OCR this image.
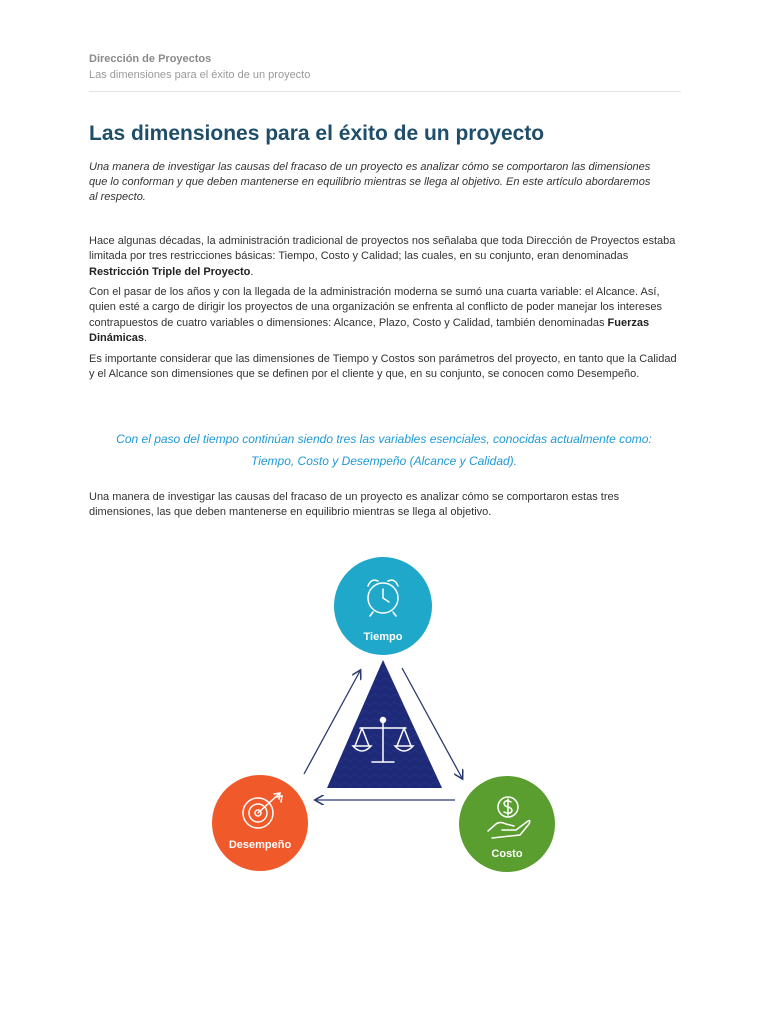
Dirección de Proyectos
Las dimensiones para el éxito de un proyecto
Las dimensiones para el éxito de un proyecto

Una manera de investigar las causas del fracaso de un proyecto es analizar cómo se comportaron las dimensiones que lo conforman y que deben mantenerse en equilibrio mientras se llega al objetivo. En este artículo abordaremos al respecto.

Hace algunas décadas, la administración tradicional de proyectos nos señalaba que toda Dirección de Proyectos estaba limitada por tres restricciones básicas: Tiempo, Costo y Calidad; las cuales, en su conjunto, eran denominadas Restricción Triple del Proyecto.

Con el pasar de los años y con la llegada de la administración moderna se sumó una cuarta variable: el Alcance. Así, quien esté a cargo de dirigir los proyectos de una organización se enfrenta al conflicto de poder manejar los intereses contrapuestos de cuatro variables o dimensiones: Alcance, Plazo, Costo y Calidad, también denominadas Fuerzas Dinámicas.

Es importante considerar que las dimensiones de Tiempo y Costos son parámetros del proyecto, en tanto que la Calidad y el Alcance son dimensiones que se definen por el cliente y que, en su conjunto, se conocen como Desempeño.

Con el paso del tiempo continúan siendo tres las variables esenciales, conocidas actualmente como:
Tiempo, Costo y Desempeño (Alcance y Calidad).

Una manera de investigar las causas del fracaso de un proyecto es analizar cómo se comportaron estas tres dimensiones, las que deben mantenerse en equilibrio mientras se llega al objetivo.

Tiempo
Costo
Desempeño
